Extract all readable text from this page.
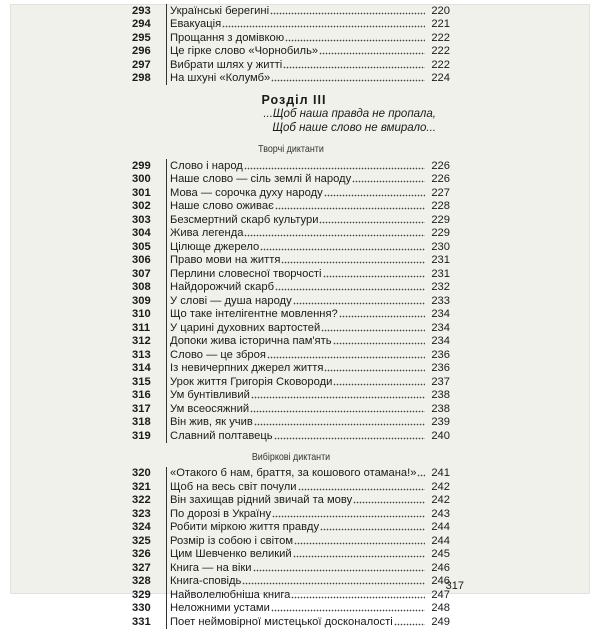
293	Українські берегині	220
294	Евакуація	221
295	Прощання з домівкою	222
296	Це гірке слово «Чорнобиль»	222
297	Вибрати шлях у житті	222
298	На шхуні «Колумб»	224
Розділ III
...Щоб наша правда не пропала,
Щоб наше слово не вмирало...
Творчі диктанти
299	Слово і народ	226
300	Наше слово — сіль землі й народу	226
301	Мова — сорочка духу народу	227
302	Наше слово оживає	228
303	Безсмертний скарб культури	229
304	Жива легенда	229
305	Цілюще джерело	230
306	Право мови на життя	231
307	Перлини словесної творчості	231
308	Найдорожчий скарб	232
309	У слові — душа народу	233
310	Що таке інтелігентне мовлення?	234
311	У царині духовних вартостей	234
312	Допоки жива історична пам'ять	234
313	Слово — це зброя	236
314	Із невичерпних джерел життя	236
315	Урок життя Григорія Сковороди	237
316	Ум бунтівливий	238
317	Ум всеосяжний	238
318	Він жив, як учив	239
319	Славний полтавець	240
Вибіркові диктанти
320	«Отакого б нам, браття, за кошового отамана!»	241
321	Щоб на весь світ почули	242
322	Він захищав рідний звичай та мову	242
323	По дорозі в Україну	243
324	Робити міркою життя правду	244
325	Розмір із собою і світом	244
326	Цим Шевченко великий	245
327	Книга — на віки	246
328	Книга-сповідь	246
329	Найволелюбніша книга	247
330	Неложними устами	248
331	Поет неймовірної мистецької досконалості	249
317
